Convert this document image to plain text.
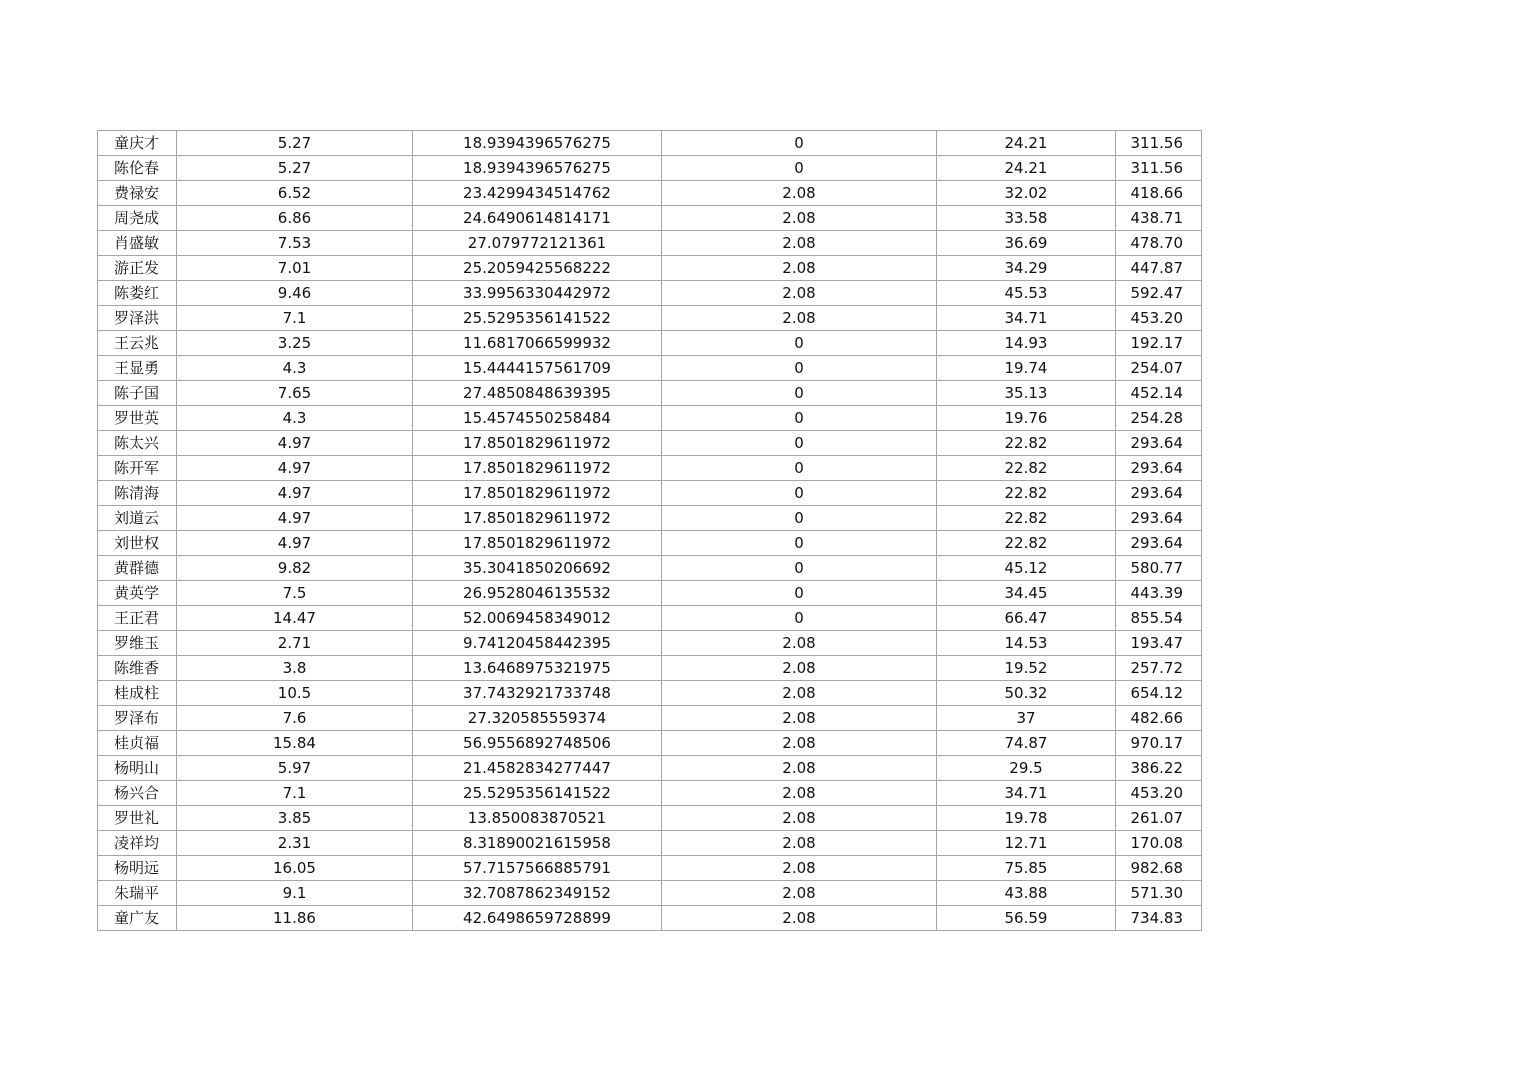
童庆才	5.27	18.9394396576275	0	24.21	311.56
陈伦春	5.27	18.9394396576275	0	24.21	311.56
费禄安	6.52	23.4299434514762	2.08	32.02	418.66
周尧成	6.86	24.6490614814171	2.08	33.58	438.71
肖盛敏	7.53	27.079772121361	2.08	36.69	478.70
游正发	7.01	25.2059425568222	2.08	34.29	447.87
陈娄红	9.46	33.9956330442972	2.08	45.53	592.47
罗泽洪	7.1	25.5295356141522	2.08	34.71	453.20
王云兆	3.25	11.6817066599932	0	14.93	192.17
王显勇	4.3	15.4444157561709	0	19.74	254.07
陈子国	7.65	27.4850848639395	0	35.13	452.14
罗世英	4.3	15.4574550258484	0	19.76	254.28
陈太兴	4.97	17.8501829611972	0	22.82	293.64
陈开军	4.97	17.8501829611972	0	22.82	293.64
陈清海	4.97	17.8501829611972	0	22.82	293.64
刘道云	4.97	17.8501829611972	0	22.82	293.64
刘世权	4.97	17.8501829611972	0	22.82	293.64
黄群德	9.82	35.3041850206692	0	45.12	580.77
黄英学	7.5	26.9528046135532	0	34.45	443.39
王正君	14.47	52.0069458349012	0	66.47	855.54
罗维玉	2.71	9.74120458442395	2.08	14.53	193.47
陈维香	3.8	13.6468975321975	2.08	19.52	257.72
桂成柱	10.5	37.7432921733748	2.08	50.32	654.12
罗泽布	7.6	27.320585559374	2.08	37	482.66
桂贞福	15.84	56.9556892748506	2.08	74.87	970.17
杨明山	5.97	21.4582834277447	2.08	29.5	386.22
杨兴合	7.1	25.5295356141522	2.08	34.71	453.20
罗世礼	3.85	13.850083870521	2.08	19.78	261.07
凌祥均	2.31	8.31890021615958	2.08	12.71	170.08
杨明远	16.05	57.7157566885791	2.08	75.85	982.68
朱瑞平	9.1	32.7087862349152	2.08	43.88	571.30
童广友	11.86	42.6498659728899	2.08	56.59	734.83
